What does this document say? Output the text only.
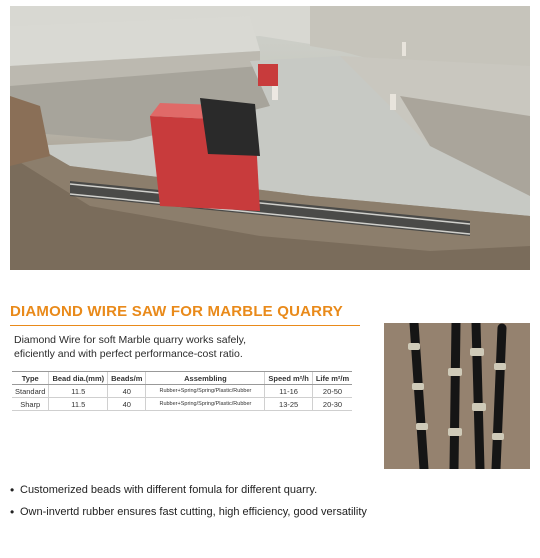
DIAMOND WIRE SAW FOR MARBLE QUARRY
Diamond Wire for soft Marble quarry works safely,
eficiently and with perfect performance-cost ratio.
Type	Bead dia.(mm)	Beads/m	Assembling	Speed m²/h	Life m²/m
Standard	11.5	40	Rubber+Spring/Spring/Plastic/Rubber	11-16	20-50
Sharp	11.5	40	Rubber+Spring/Spring/Plastic/Rubber	13-25	20-30
• Customerized beads with different fomula for different quarry.
• Own-invertd rubber ensures fast cutting, high efficiency, good versatility
